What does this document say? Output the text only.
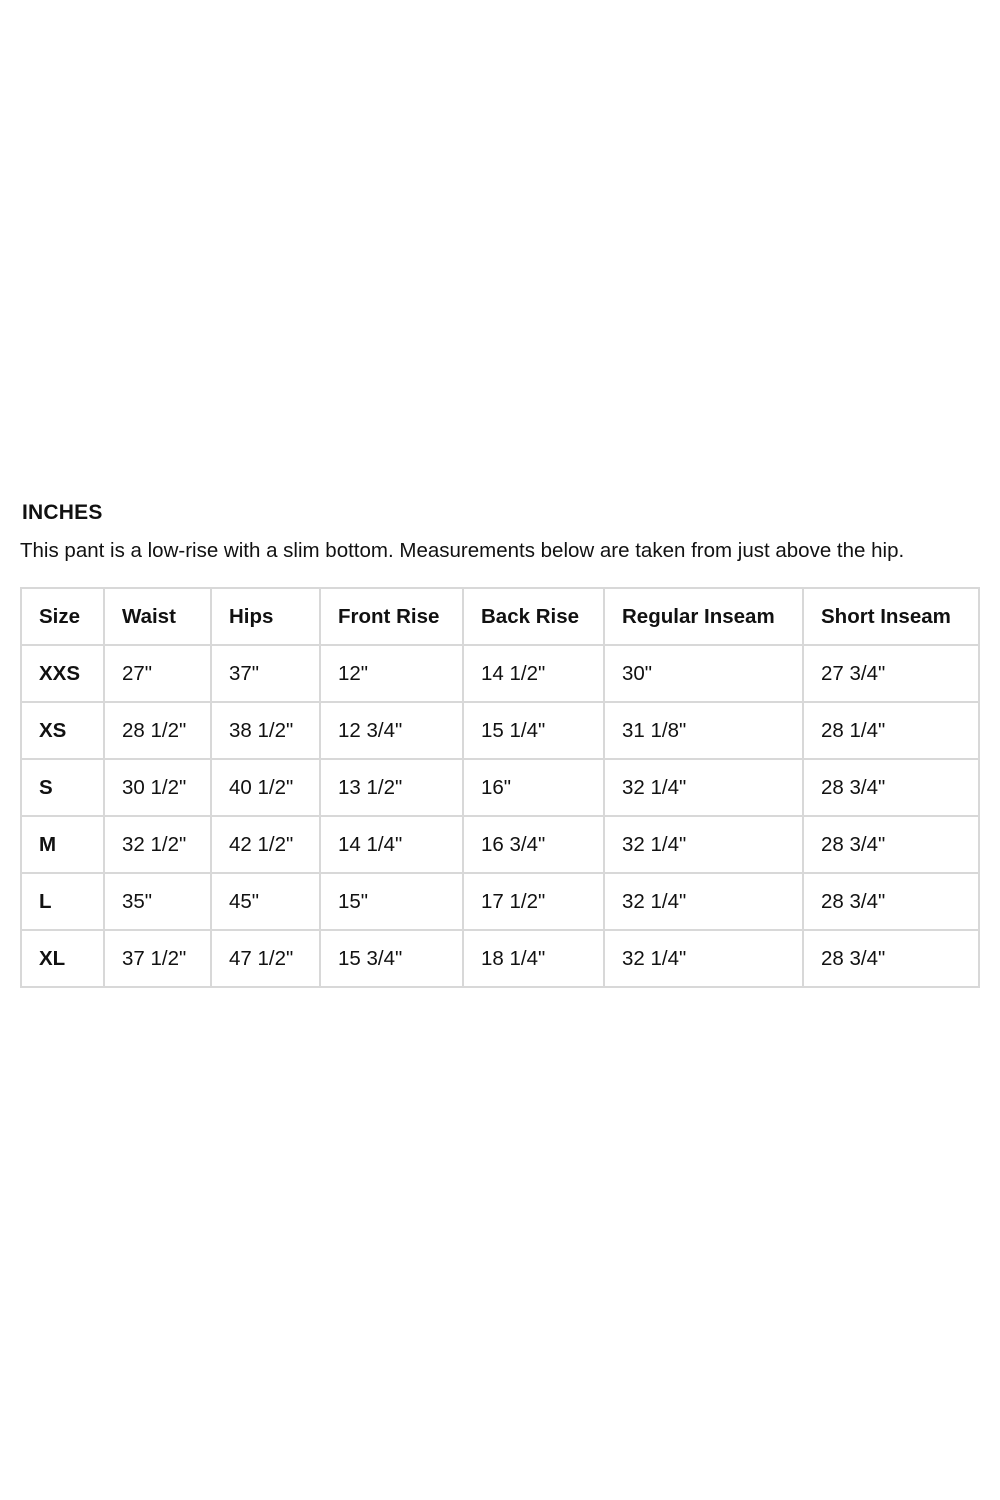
INCHES
This pant is a low-rise with a slim bottom. Measurements below are taken from just above the hip.
Size	Waist	Hips	Front Rise	Back Rise	Regular Inseam	Short Inseam
XXS	27"	37"	12"	14 1/2"	30"	27 3/4"
XS	28 1/2"	38 1/2"	12 3/4"	15 1/4"	31 1/8"	28 1/4"
S	30 1/2"	40 1/2"	13 1/2"	16"	32 1/4"	28 3/4"
M	32 1/2"	42 1/2"	14 1/4"	16 3/4"	32 1/4"	28 3/4"
L	35"	45"	15"	17 1/2"	32 1/4"	28 3/4"
XL	37 1/2"	47 1/2"	15 3/4"	18 1/4"	32 1/4"	28 3/4"
